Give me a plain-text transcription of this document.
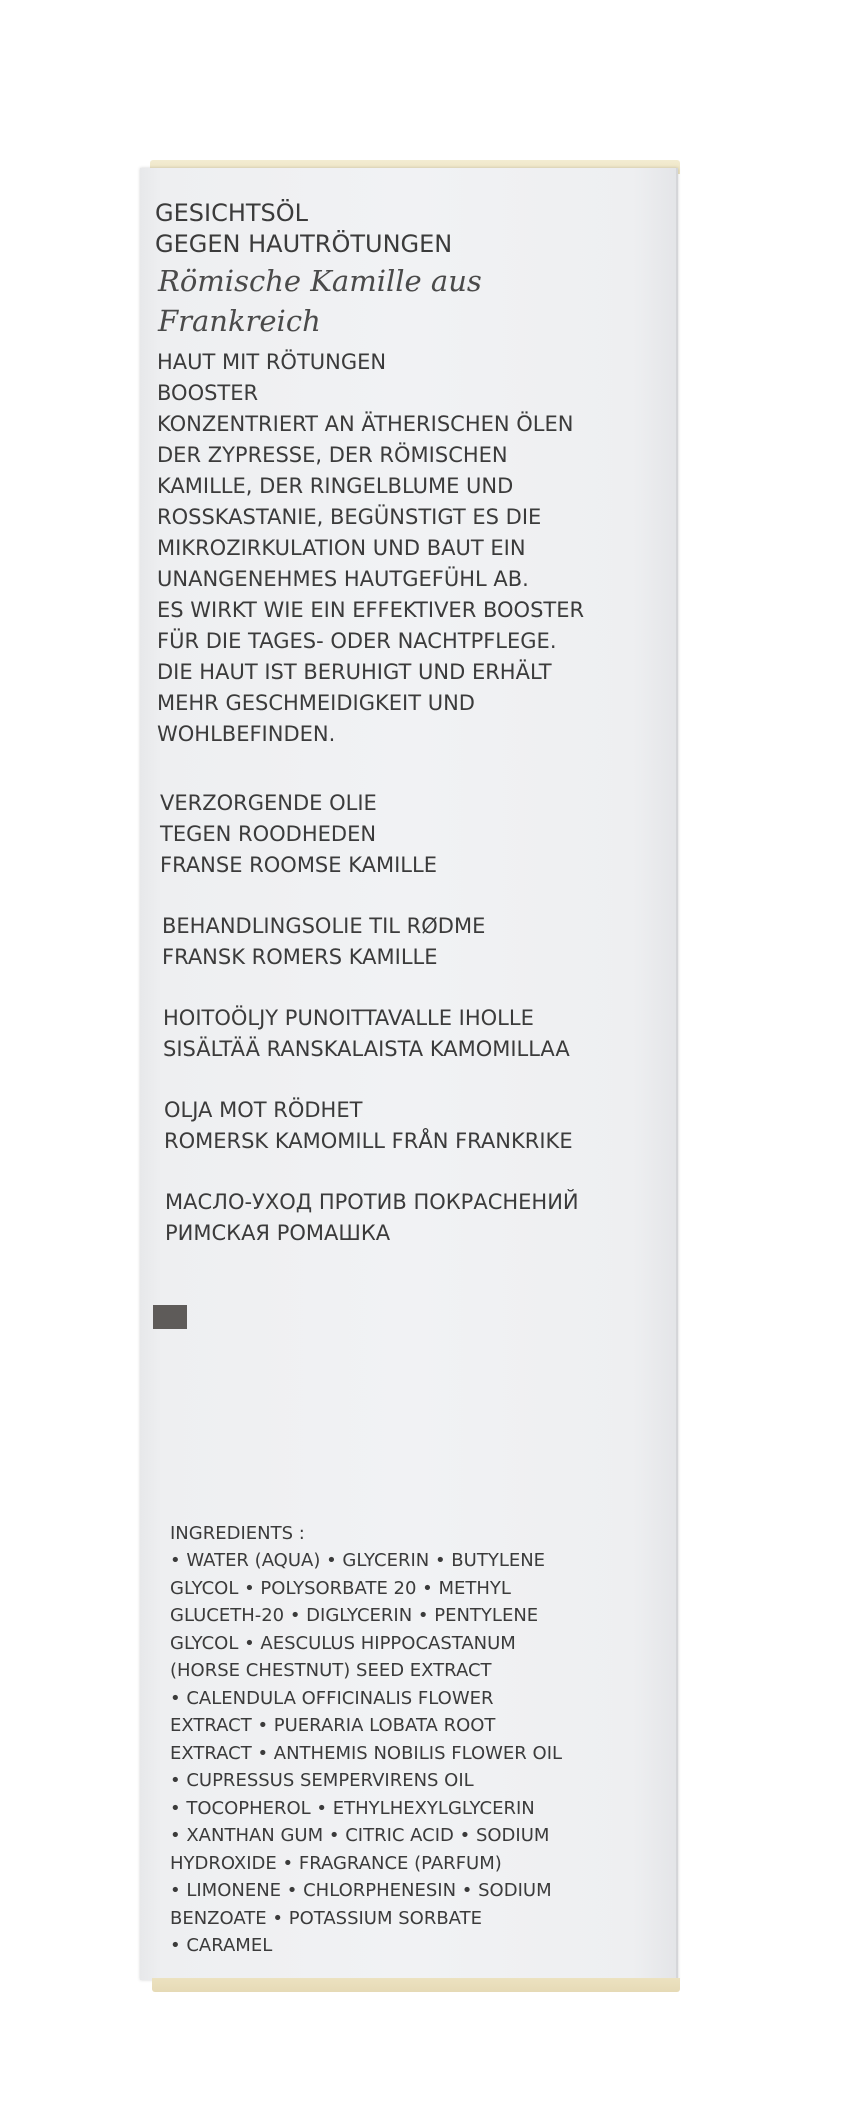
GESICHTSÖL
GEGEN HAUTRÖTUNGEN
Römische Kamille aus
Frankreich
HAUT MIT RÖTUNGEN
BOOSTER
KONZENTRIERT AN ÄTHERISCHEN ÖLEN
DER ZYPRESSE, DER RÖMISCHEN
KAMILLE, DER RINGELBLUME UND
ROSSKASTANIE, BEGÜNSTIGT ES DIE
MIKROZIRKULATION UND BAUT EIN
UNANGENEHMES HAUTGEFÜHL AB.
ES WIRKT WIE EIN EFFEKTIVER BOOSTER
FÜR DIE TAGES- ODER NACHTPFLEGE.
DIE HAUT IST BERUHIGT UND ERHÄLT
MEHR GESCHMEIDIGKEIT UND
WOHLBEFINDEN.
VERZORGENDE OLIE
TEGEN ROODHEDEN
FRANSE ROOMSE KAMILLE
BEHANDLINGSOLIE TIL RØDME
FRANSK ROMERS KAMILLE
HOITOÖLJY PUNOITTAVALLE IHOLLE
SISÄLTÄÄ RANSKALAISTA KAMOMILLAA
OLJA MOT RÖDHET
ROMERSK KAMOMILL FRÅN FRANKRIKE
МАСЛО-УХОД ПРОТИВ ПОКРАСНЕНИЙ
РИМСКАЯ РОМАШКА
INGREDIENTS :
• WATER (AQUA) • GLYCERIN • BUTYLENE
GLYCOL • POLYSORBATE 20 • METHYL
GLUCETH-20 • DIGLYCERIN • PENTYLENE
GLYCOL • AESCULUS HIPPOCASTANUM
(HORSE CHESTNUT) SEED EXTRACT
• CALENDULA OFFICINALIS FLOWER
EXTRACT • PUERARIA LOBATA ROOT
EXTRACT • ANTHEMIS NOBILIS FLOWER OIL
• CUPRESSUS SEMPERVIRENS OIL
• TOCOPHEROL • ETHYLHEXYLGLYCERIN
• XANTHAN GUM • CITRIC ACID • SODIUM
HYDROXIDE • FRAGRANCE (PARFUM)
• LIMONENE • CHLORPHENESIN • SODIUM
BENZOATE • POTASSIUM SORBATE
• CARAMEL
